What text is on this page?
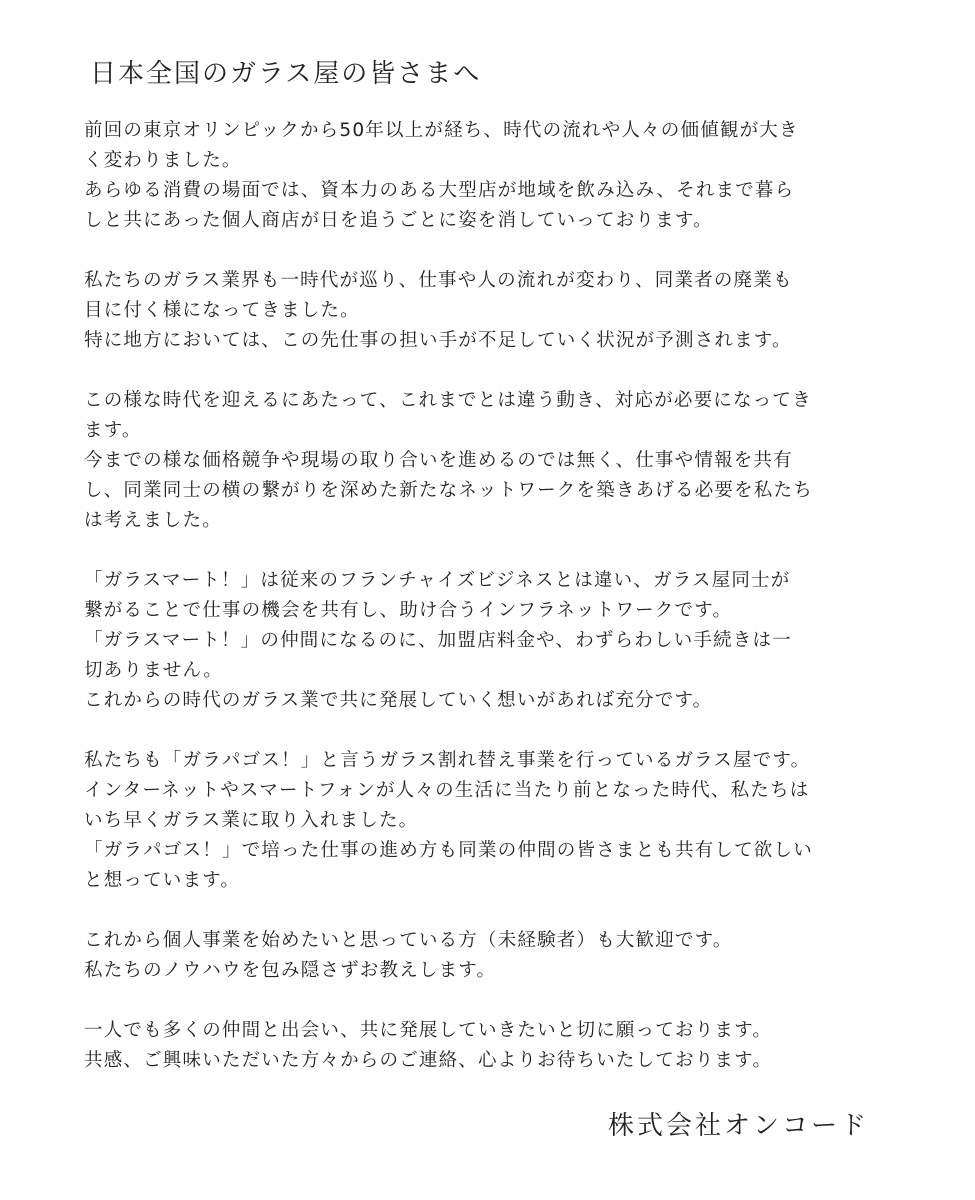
日本全国のガラス屋の皆さまへ

前回の東京オリンピックから50年以上が経ち、時代の流れや人々の価値観が大き

く変わりました。

あらゆる消費の場面では、資本力のある大型店が地域を飲み込み、それまで暮ら

しと共にあった個人商店が日を追うごとに姿を消していっております。

私たちのガラス業界も一時代が巡り、仕事や人の流れが変わり、同業者の廃業も

目に付く様になってきました。

特に地方においては、この先仕事の担い手が不足していく状況が予測されます。

この様な時代を迎えるにあたって、これまでとは違う動き、対応が必要になってき

ます。

今までの様な価格競争や現場の取り合いを進めるのでは無く、仕事や情報を共有

し、同業同士の横の繋がりを深めた新たなネットワークを築きあげる必要を私たち

は考えました。

「ガラスマート！」は従来のフランチャイズビジネスとは違い、ガラス屋同士が

繋がることで仕事の機会を共有し、助け合うインフラネットワークです。

「ガラスマート！」の仲間になるのに、加盟店料金や、わずらわしい手続きは一

切ありません。

これからの時代のガラス業で共に発展していく想いがあれば充分です。

私たちも「ガラパゴス！」と言うガラス割れ替え事業を行っているガラス屋です。

インターネットやスマートフォンが人々の生活に当たり前となった時代、私たちは

いち早くガラス業に取り入れました。

「ガラパゴス！」で培った仕事の進め方も同業の仲間の皆さまとも共有して欲しい

と想っています。

これから個人事業を始めたいと思っている方（未経験者）も大歓迎です。

私たちのノウハウを包み隠さずお教えします。

一人でも多くの仲間と出会い、共に発展していきたいと切に願っております。

共感、ご興味いただいた方々からのご連絡、心よりお待ちいたしております。

株式会社オンコード
